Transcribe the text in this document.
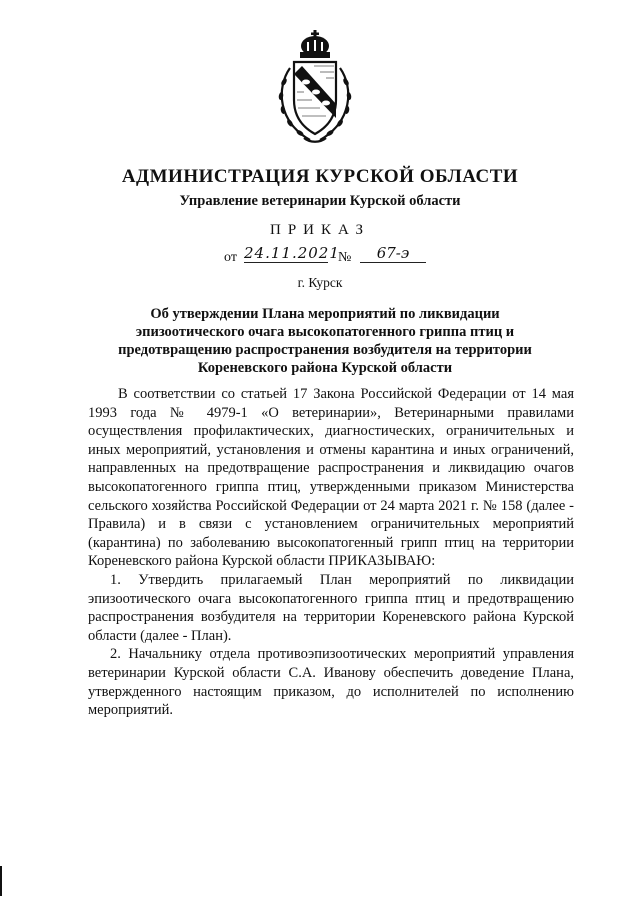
АДМИНИСТРАЦИЯ КУРСКОЙ ОБЛАСТИ
Управление ветеринарии Курской области
ПРИКАЗ
от 24.11.2021
№	67-э
г. Курск
Об утверждении Плана мероприятий по ликвидации эпизоотического очага высокопатогенного гриппа птиц и предотвращению распространения возбудителя на территории Кореневского района Курской области

В соответствии со статьей 17 Закона Российской Федерации от 14 мая 1993 года № 4979-1 «О ветеринарии», Ветеринарными правилами осуществления профилактических, диагностических, ограничительных и иных мероприятий, установления и отмены карантина и иных ограничений, направленных на предотвращение распространения и ликвидацию очагов высокопатогенного гриппа птиц, утвержденными приказом Министерства сельского хозяйства Российской Федерации от 24 марта 2021 г. № 158 (далее - Правила) и в связи с установлением ограничительных мероприятий (карантина) по заболеванию высокопатогенный грипп птиц на территории Кореневского района Курской области ПРИКАЗЫВАЮ:

1. Утвердить прилагаемый План мероприятий по ликвидации эпизоотического очага высокопатогенного гриппа птиц и предотвращению распространения возбудителя на территории Кореневского района Курской области (далее - План).

2. Начальнику отдела противоэпизоотических мероприятий управления ветеринарии Курской области С.А. Иванову обеспечить доведение Плана, утвержденного настоящим приказом, до исполнителей по исполнению мероприятий.
